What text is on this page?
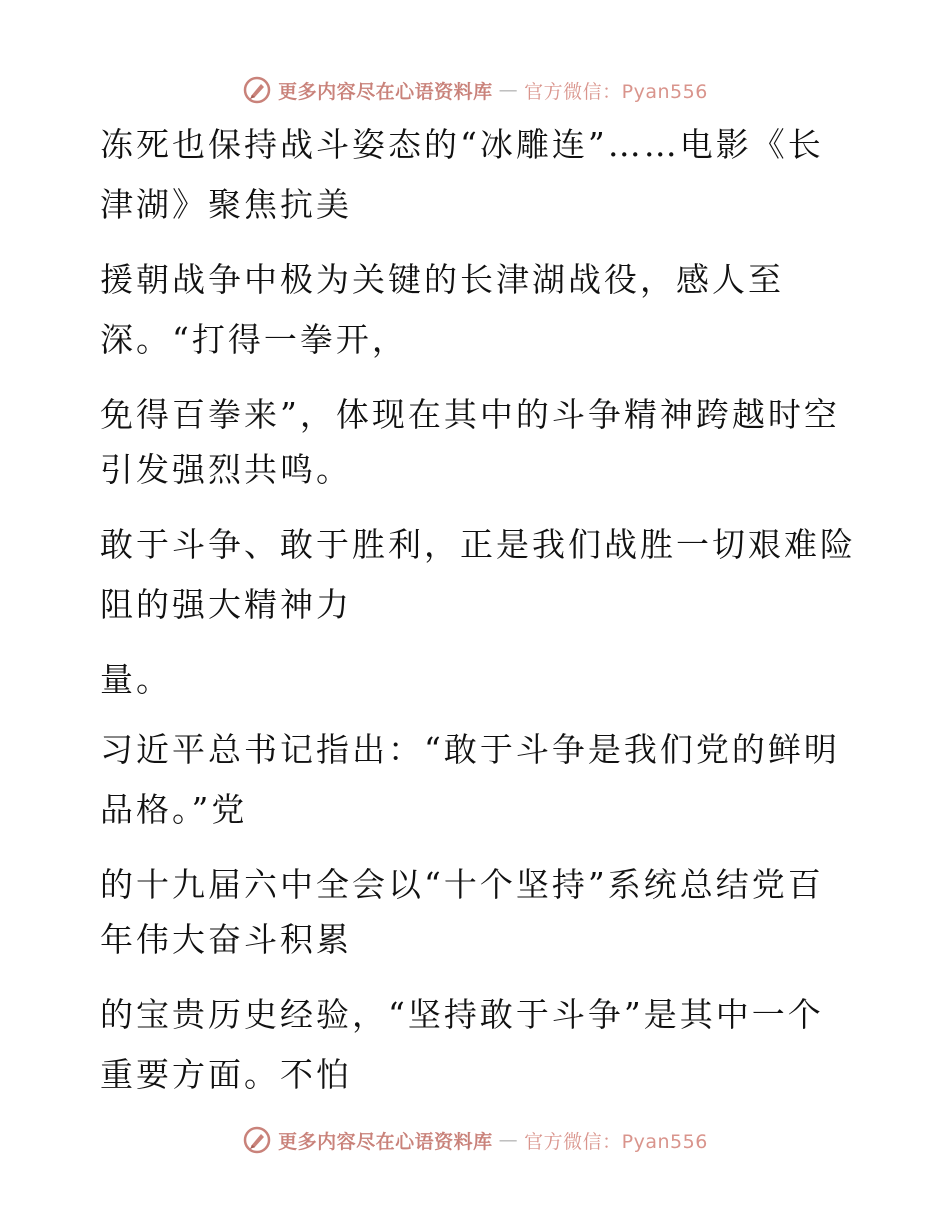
更多内容尽在心语资料库 — 官方微信：Pyan556
冻死也保持战斗姿态的“冰雕连”……电影《长
津湖》聚焦抗美
援朝战争中极为关键的长津湖战役，感人至
深。“打得一拳开，
免得百拳来”，体现在其中的斗争精神跨越时空
引发强烈共鸣。
敢于斗争、敢于胜利，正是我们战胜一切艰难险
阻的强大精神力
量。
习近平总书记指出：“敢于斗争是我们党的鲜明
品格。”党
的十九届六中全会以“十个坚持”系统总结党百
年伟大奋斗积累
的宝贵历史经验，“坚持敢于斗争”是其中一个
重要方面。不怕
更多内容尽在心语资料库 — 官方微信：Pyan556
